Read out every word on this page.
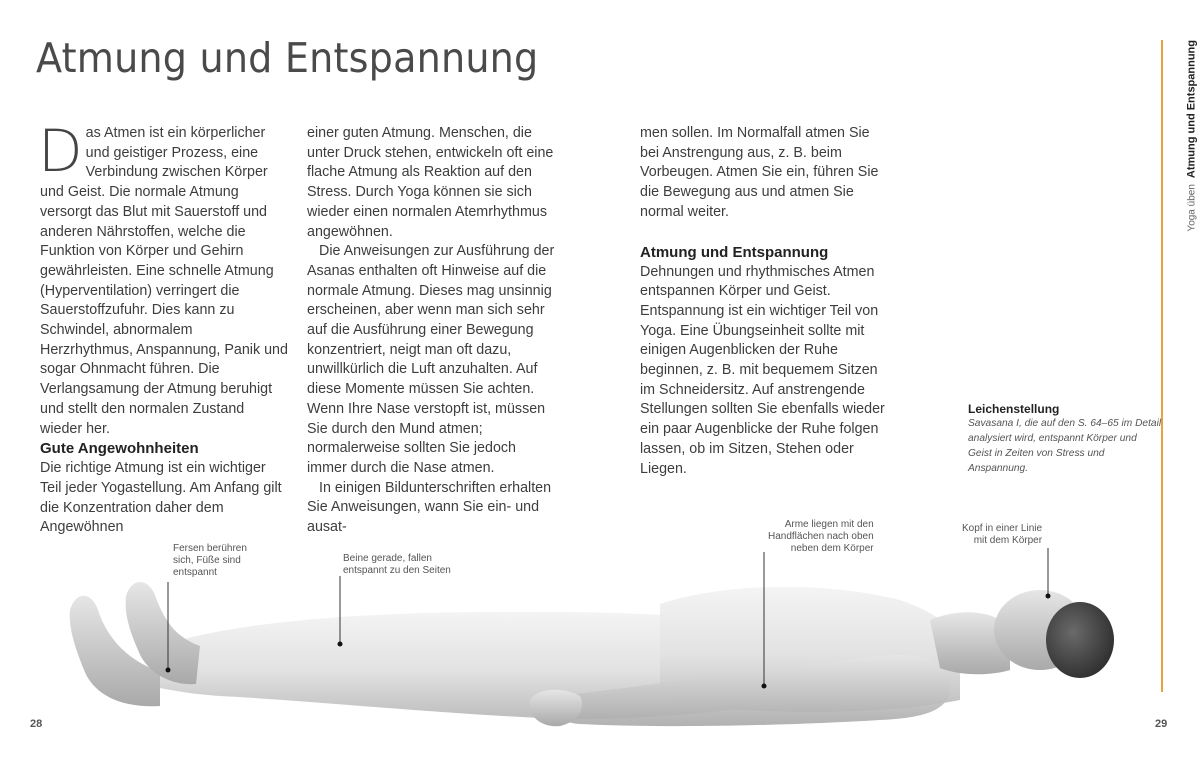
Atmung und Entspannung

Das Atmen ist ein körperlicher und geistiger Prozess, eine Verbindung zwischen Körper und Geist. Die normale Atmung versorgt das Blut mit Sauerstoff und anderen Nährstoffen, welche die Funktion von Körper und Gehirn gewährleisten. Eine schnelle Atmung (Hyperventilation) verringert die Sauerstoffzufuhr. Dies kann zu Schwindel, abnormalem Herzrhythmus, Anspannung, Panik und sogar Ohnmacht führen. Die Verlangsamung der Atmung beruhigt und stellt den normalen Zustand wieder her.

Gute Angewohnheiten

Die richtige Atmung ist ein wichtiger Teil jeder Yogastellung. Am Anfang gilt die Konzentration daher dem Angewöhnen

einer guten Atmung. Menschen, die unter Druck stehen, entwickeln oft eine flache Atmung als Reaktion auf den Stress. Durch Yoga können sie sich wieder einen normalen Atemrhythmus angewöhnen.

Die Anweisungen zur Ausführung der Asanas enthalten oft Hinweise auf die normale Atmung. Dieses mag unsinnig erscheinen, aber wenn man sich sehr auf die Ausführung einer Bewegung konzentriert, neigt man oft dazu, unwillkürlich die Luft anzuhalten. Auf diese Momente müssen Sie achten. Wenn Ihre Nase verstopft ist, müssen Sie durch den Mund atmen; normalerweise sollten Sie jedoch immer durch die Nase atmen.

In einigen Bildunterschriften erhalten Sie Anweisungen, wann Sie ein- und ausat-

men sollen. Im Normalfall atmen Sie bei Anstrengung aus, z. B. beim Vorbeugen. Atmen Sie ein, führen Sie die Bewegung aus und atmen Sie normal weiter.

Atmung und Entspannung

Dehnungen und rhythmisches Atmen entspannen Körper und Geist. Entspannung ist ein wichtiger Teil von Yoga. Eine Übungseinheit sollte mit einigen Augenblicken der Ruhe beginnen, z. B. mit bequemem Sitzen im Schneidersitz. Auf anstrengende Stellungen sollten Sie ebenfalls wieder ein paar Augenblicke der Ruhe folgen lassen, ob im Sitzen, Stehen oder Liegen.

Yoga übenAtmung und Entspannung

Leichenstellung

Savasana I, die auf den S. 64–65 im Detail analysiert wird, entspannt Körper und Geist in Zeiten von Stress und Anspannung.

Fersen berühren
sich, Füße sind
entspannt
Beine gerade, fallen
entspannt zu den Seiten
Arme liegen mit den
Handflächen nach oben
neben dem Körper
Kopf in einer Linie
mit dem Körper
28	29
